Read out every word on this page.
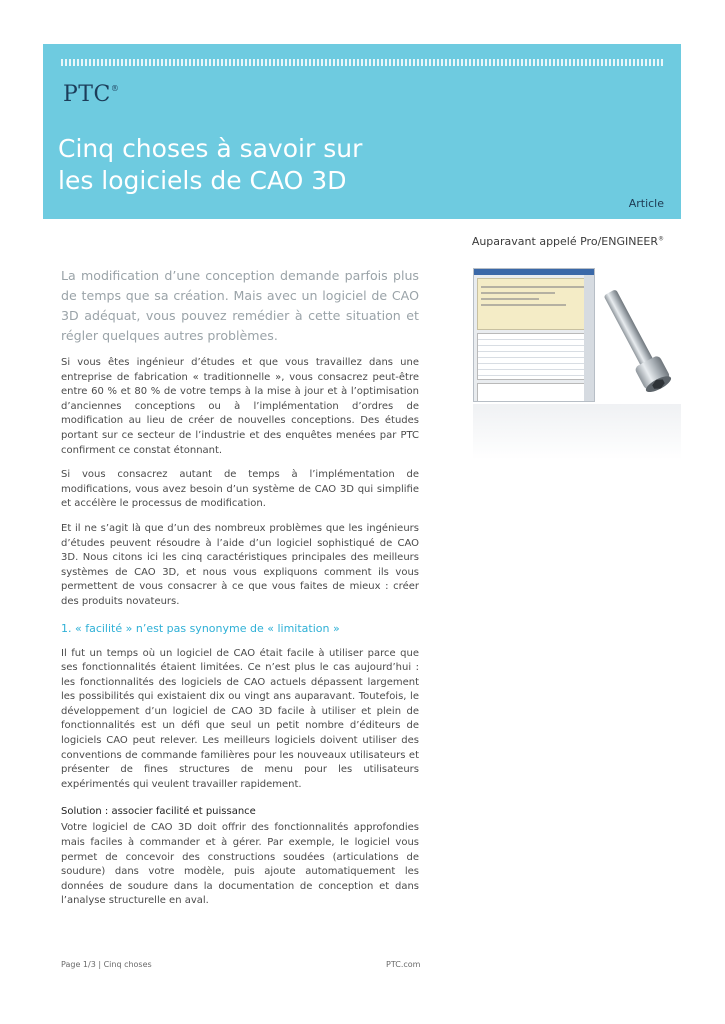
PTC®
Cinq choses à savoir sur
les logiciels de CAO 3D
Article
Auparavant appelé Pro/ENGINEER®

La modification d’une conception demande parfois plus de temps que sa création. Mais avec un logiciel de CAO 3D adéquat, vous pouvez remédier à cette situation et régler quelques autres problèmes.

Si vous êtes ingénieur d’études et que vous travaillez dans une entreprise de fabrication « traditionnelle », vous consacrez peut-être entre 60 % et 80 % de votre temps à la mise à jour et à l’optimisation d’anciennes conceptions ou à l’implémentation d’ordres de modification au lieu de créer de nouvelles conceptions. Des études portant sur ce secteur de l’industrie et des enquêtes menées par PTC confirment ce constat étonnant.

Si vous consacrez autant de temps à l’implémentation de modifications, vous avez besoin d’un système de CAO 3D qui simplifie et accélère le processus de modification.

Et il ne s’agit là que d’un des nombreux problèmes que les ingénieurs d’études peuvent résoudre à l’aide d’un logiciel sophistiqué de CAO 3D. Nous citons ici les cinq caractéristiques principales des meilleurs systèmes de CAO 3D, et nous vous expliquons comment ils vous permettent de vous consacrer à ce que vous faites de mieux : créer des produits novateurs.

1. « facilité » n’est pas synonyme de « limitation »

Il fut un temps où un logiciel de CAO était facile à utiliser parce que ses fonctionnalités étaient limitées. Ce n’est plus le cas aujourd’hui : les fonctionnalités des logiciels de CAO actuels dépassent largement les possibilités qui existaient dix ou vingt ans auparavant. Toutefois, le développement d’un logiciel de CAO 3D facile à utiliser et plein de fonctionnalités est un défi que seul un petit nombre d’éditeurs de logiciels CAO peut relever. Les meilleurs logiciels doivent utiliser des conventions de commande familières pour les nouveaux utilisateurs et présenter de fines structures de menu pour les utilisateurs expérimentés qui veulent travailler rapidement.

Solution : associer facilité et puissance

Votre logiciel de CAO 3D doit offrir des fonctionnalités approfondies mais faciles à commander et à gérer. Par exemple, le logiciel vous permet de concevoir des constructions soudées (articulations de soudure) dans votre modèle, puis ajoute automatiquement les données de soudure dans la documentation de conception et dans l’analyse structurelle en aval.

Page 1/3 | Cinq choses	PTC.com
